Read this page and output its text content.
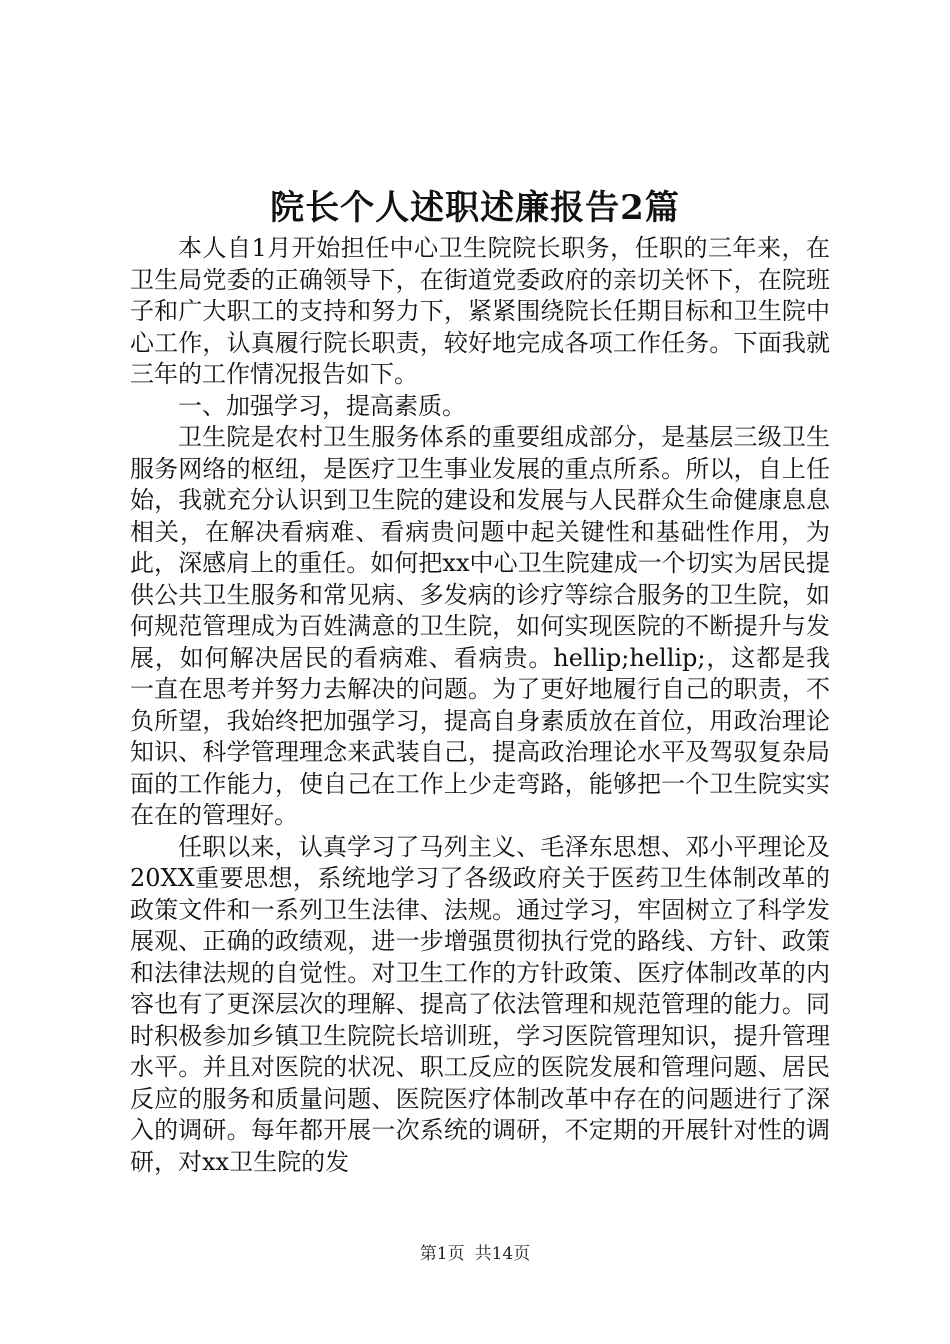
院长个人述职述廉报告2篇

本人自1月开始担任中心卫生院院长职务，任职的三年来，在卫生局党委的正确领导下，在街道党委政府的亲切关怀下，在院班子和广大职工的支持和努力下，紧紧围绕院长任期目标和卫生院中心工作，认真履行院长职责，较好地完成各项工作任务。下面我就三年的工作情况报告如下。

一、加强学习，提高素质。

卫生院是农村卫生服务体系的重要组成部分，是基层三级卫生服务网络的枢纽，是医疗卫生事业发展的重点所系。所以，自上任始，我就充分认识到卫生院的建设和发展与人民群众生命健康息息相关，在解决看病难、看病贵问题中起关键性和基础性作用，为此，深感肩上的重任。如何把xx中心卫生院建成一个切实为居民提供公共卫生服务和常见病、多发病的诊疗等综合服务的卫生院，如何规范管理成为百姓满意的卫生院，如何实现医院的不断提升与发展，如何解决居民的看病难、看病贵。hellip;hellip;，这都是我一直在思考并努力去解决的问题。为了更好地履行自己的职责，不负所望，我始终把加强学习，提高自身素质放在首位，用政治理论知识、科学管理理念来武装自己，提高政治理论水平及驾驭复杂局面的工作能力，使自己在工作上少走弯路，能够把一个卫生院实实在在的管理好。

任职以来，认真学习了马列主义、毛泽东思想、邓小平理论及20XX重要思想，系统地学习了各级政府关于医药卫生体制改革的政策文件和一系列卫生法律、法规。通过学习，牢固树立了科学发展观、正确的政绩观，进一步增强贯彻执行党的路线、方针、政策和法律法规的自觉性。对卫生工作的方针政策、医疗体制改革的内容也有了更深层次的理解、提高了依法管理和规范管理的能力。同时积极参加乡镇卫生院院长培训班，学习医院管理知识，提升管理水平。并且对医院的状况、职工反应的医院发展和管理问题、居民反应的服务和质量问题、医院医疗体制改革中存在的问题进行了深入的调研。每年都开展一次系统的调研，不定期的开展针对性的调研，对xx卫生院的发

第1页 共14页
